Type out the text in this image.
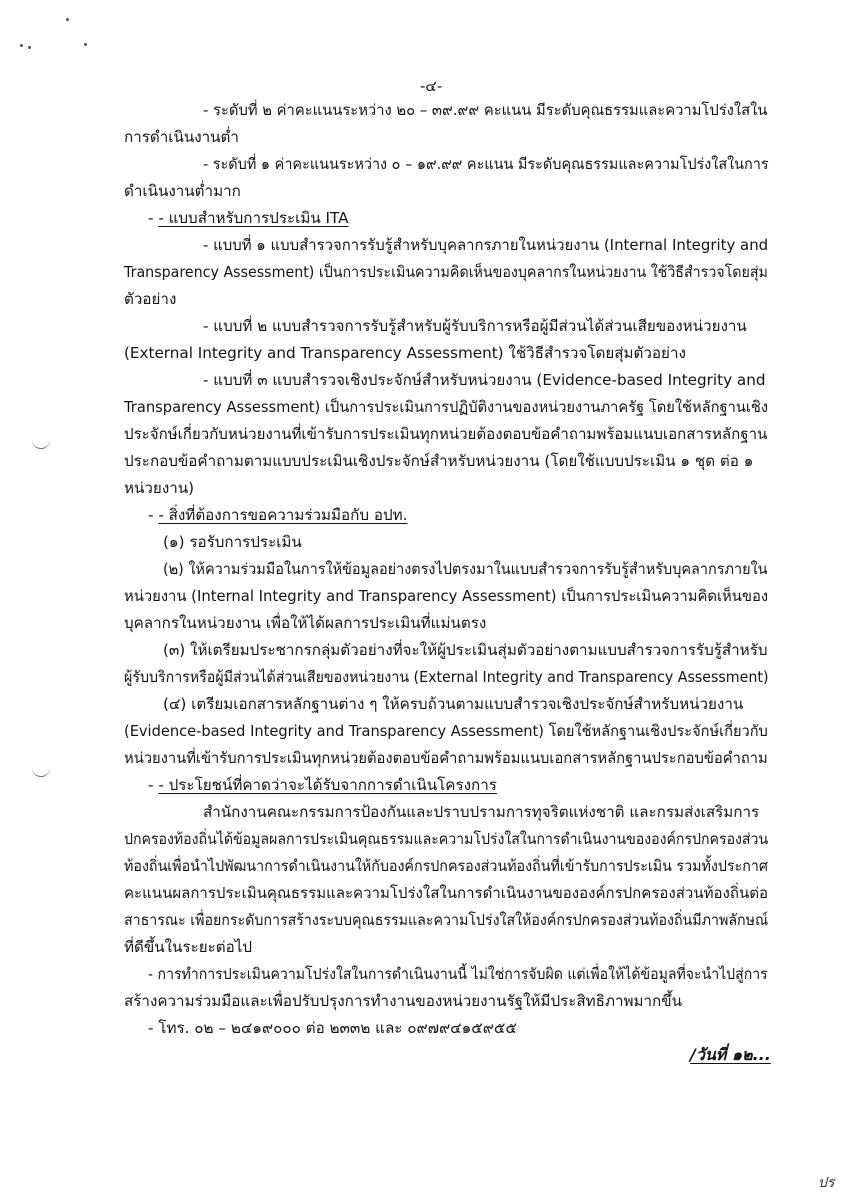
-๔-
- ระดับที่ ๒ ค่าคะแนนระหว่าง ๒๐ – ๓๙.๙๙ คะแนน มีระดับคุณธรรมและความโปร่งใสใน
การดำเนินงานต่ำ
- ระดับที่ ๑ ค่าคะแนนระหว่าง ๐ – ๑๙.๙๙ คะแนน มีระดับคุณธรรมและความโปร่งใสในการ
ดำเนินงานต่ำมาก
- - แบบสำหรับการประเมิน ITA
- แบบที่ ๑ แบบสำรวจการรับรู้สำหรับบุคลากรภายในหน่วยงาน (Internal Integrity and
Transparency Assessment) เป็นการประเมินความคิดเห็นของบุคลากรในหน่วยงาน ใช้วิธีสำรวจโดยสุ่ม
ตัวอย่าง
- แบบที่ ๒ แบบสำรวจการรับรู้สำหรับผู้รับบริการหรือผู้มีส่วนได้ส่วนเสียของหน่วยงาน
(External Integrity and Transparency Assessment) ใช้วิธีสำรวจโดยสุ่มตัวอย่าง
- แบบที่ ๓ แบบสำรวจเชิงประจักษ์สำหรับหน่วยงาน (Evidence-based Integrity and
Transparency Assessment) เป็นการประเมินการปฏิบัติงานของหน่วยงานภาครัฐ โดยใช้หลักฐานเชิง
ประจักษ์เกี่ยวกับหน่วยงานที่เข้ารับการประเมินทุกหน่วยต้องตอบข้อคำถามพร้อมแนบเอกสารหลักฐาน
ประกอบข้อคำถามตามแบบประเมินเชิงประจักษ์สำหรับหน่วยงาน (โดยใช้แบบประเมิน ๑ ชุด ต่อ ๑
หน่วยงาน)
- - สิ่งที่ต้องการขอความร่วมมือกับ อปท.
(๑) รอรับการประเมิน
(๒) ให้ความร่วมมือในการให้ข้อมูลอย่างตรงไปตรงมาในแบบสำรวจการรับรู้สำหรับบุคลากรภายใน
หน่วยงาน (Internal Integrity and Transparency Assessment) เป็นการประเมินความคิดเห็นของ
บุคลากรในหน่วยงาน เพื่อให้ได้ผลการประเมินที่แม่นตรง
(๓) ให้เตรียมประชากรกลุ่มตัวอย่างที่จะให้ผู้ประเมินสุ่มตัวอย่างตามแบบสำรวจการรับรู้สำหรับ
ผู้รับบริการหรือผู้มีส่วนได้ส่วนเสียของหน่วยงาน (External Integrity and Transparency Assessment)
(๔) เตรียมเอกสารหลักฐานต่าง ๆ ให้ครบถ้วนตามแบบสำรวจเชิงประจักษ์สำหรับหน่วยงาน
(Evidence-based Integrity and Transparency Assessment) โดยใช้หลักฐานเชิงประจักษ์เกี่ยวกับ
หน่วยงานที่เข้ารับการประเมินทุกหน่วยต้องตอบข้อคำถามพร้อมแนบเอกสารหลักฐานประกอบข้อคำถาม
- - ประโยชน์ที่คาดว่าจะได้รับจากการดำเนินโครงการ
สำนักงานคณะกรรมการป้องกันและปราบปรามการทุจริตแห่งชาติ และกรมส่งเสริมการ
ปกครองท้องถิ่นได้ข้อมูลผลการประเมินคุณธรรมและความโปร่งใสในการดำเนินงานขององค์กรปกครองส่วน
ท้องถิ่นเพื่อนำไปพัฒนาการดำเนินงานให้กับองค์กรปกครองส่วนท้องถิ่นที่เข้ารับการประเมิน รวมทั้งประกาศ
คะแนนผลการประเมินคุณธรรมและความโปร่งใสในการดำเนินงานขององค์กรปกครองส่วนท้องถิ่นต่อ
สาธารณะ เพื่อยกระดับการสร้างระบบคุณธรรมและความโปร่งใสให้องค์กรปกครองส่วนท้องถิ่นมีภาพลักษณ์
ที่ดีขึ้นในระยะต่อไป
- การทำการประเมินความโปร่งใสในการดำเนินงานนี้ ไม่ใช่การจับผิด แต่เพื่อให้ได้ข้อมูลที่จะนำไปสู่การ
สร้างความร่วมมือและเพื่อปรับปรุงการทำงานของหน่วยงานรัฐให้มีประสิทธิภาพมากขึ้น
- โทร. ๐๒ – ๒๔๑๙๐๐๐ ต่อ ๒๓๓๒ และ ๐๙๗๙๔๑๕๙๕๕
/วันที่ ๑๒...
ปร
